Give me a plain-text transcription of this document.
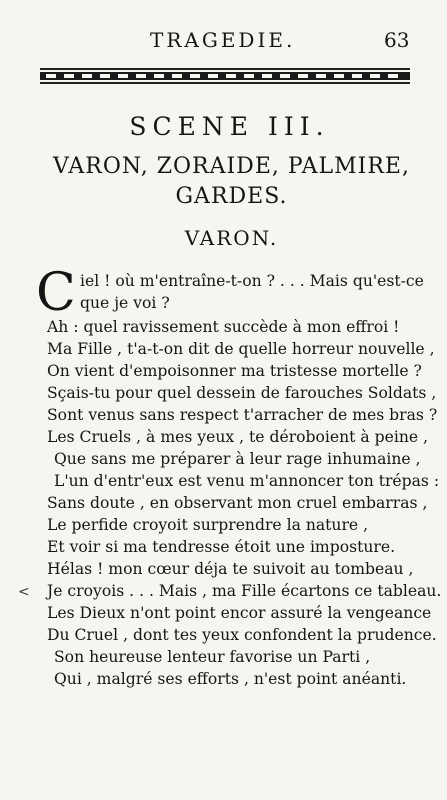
TRAGEDIE.	63
SCENE III.
VARON, ZORAIDE, PALMIRE,
GARDES.
VARON.
C iel ! où m'entraîne-t-on ? . . . Mais qu'est-ce
que je voi ?
Ah : quel ravissement succède à mon effroi !
Ma Fille , t'a-t-on dit de quelle horreur nouvelle ,
On vient d'empoisonner ma tristesse mortelle ?
Sçais-tu pour quel dessein de farouches Soldats ,
Sont venus sans respect t'arracher de mes bras ?
Les Cruels , à mes yeux , te déroboient à peine ,
Que sans me préparer à leur rage inhumaine ,
L'un d'entr'eux est venu m'annoncer ton trépas :
Sans doute , en observant mon cruel embarras ,
Le perfide croyoit surprendre la nature ,
Et voir si ma tendresse étoit une imposture.
Hélas ! mon cœur déja te suivoit au tombeau ,
Je croyois . . . Mais , ma Fille écartons ce tableau.
Les Dieux n'ont point encor assuré la vengeance
Du Cruel , dont tes yeux confondent la prudence.
Son heureuse lenteur favorise un Parti ,
Qui , malgré ses efforts , n'est point anéanti.
<
